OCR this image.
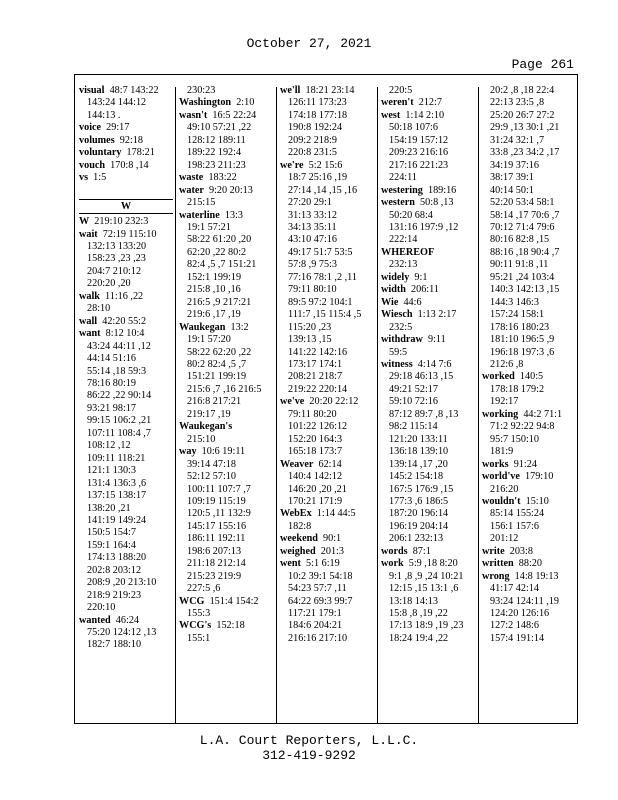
October 27, 2021
Page 261
visual 48:7 143:22
143:24 144:12
144:13 .
voice 29:17
volumes 92:18
voluntary 178:21
vouch 170:8 ,14
vs 1:5

W
W 219:10 232:3
wait 72:19 115:10
132:13 133:20
158:23 ,23 ,23
204:7 210:12
220:20 ,20
walk 11:16 ,22
28:10
wall 42:20 55:2
want 8:12 10:4
43:24 44:11 ,12
44:14 51:16
55:14 ,18 59:3
78:16 80:19
86:22 ,22 90:14
93:21 98:17
99:15 106:2 ,21
107:11 108:4 ,7
108:12 ,12
109:11 118:21
121:1 130:3
131:4 136:3 ,6
137:15 138:17
138:20 ,21
141:19 149:24
150:5 154:7
159:1 164:4
174:13 188:20
202:8 203:12
208:9 ,20 213:10
218:9 219:23
220:10
wanted 46:24
75:20 124:12 ,13
182:7 188:10
230:23
Washington 2:10
wasn't 16:5 22:24
49:10 57:21 ,22
128:12 189:11
189:22 192:4
198:23 211:23
waste 183:22
water 9:20 20:13
215:15
waterline 13:3
19:1 57:21
58:22 61:20 ,20
62:20 ,22 80:2
82:4 ,5 ,7 151:21
152:1 199:19
215:8 ,10 ,16
216:5 ,9 217:21
219:6 ,17 ,19
Waukegan 13:2
19:1 57:20
58:22 62:20 ,22
80:2 82:4 ,5 ,7
151:21 199:19
215:6 ,7 ,16 216:5
216:8 217:21
219:17 ,19
Waukegan's
215:10
way 10:6 19:11
39:14 47:18
52:12 57:10
100:11 107:7 ,7
109:19 115:19
120:5 ,11 132:9
145:17 155:16
186:11 192:11
198:6 207:13
211:18 212:14
215:23 219:9
227:5 ,6
WCG 151:4 154:2
155:3
WCG's 152:18
155:1
we'll 18:21 23:14
126:11 173:23
174:18 177:18
190:8 192:24
209:2 218:9
220:8 231:5
we're 5:2 15:6
18:7 25:16 ,19
27:14 ,14 ,15 ,16
27:20 29:1
31:13 33:12
34:13 35:11
43:10 47:16
49:17 51:7 53:5
57:8 ,9 75:3
77:16 78:1 ,2 ,11
79:11 80:10
89:5 97:2 104:1
111:7 ,15 115:4 ,5
115:20 ,23
139:13 ,15
141:22 142:16
173:17 174:1
208:21 218:7
219:22 220:14
we've 20:20 22:12
79:11 80:20
101:22 126:12
152:20 164:3
165:18 173:7
Weaver 62:14
140:4 142:12
146:20 ,20 ,21
170:21 171:9
WebEx 1:14 44:5
182:8
weekend 90:1
weighed 201:3
went 5:1 6:19
10:2 39:1 54:18
54:23 57:7 ,11
64:22 69:3 99:7
117:21 179:1
184:6 204:21
216:16 217:10
220:5
weren't 212:7
west 1:14 2:10
50:18 107:6
154:19 157:12
209:23 216:16
217:16 221:23
224:11
westering 189:16
western 50:8 ,13
50:20 68:4
131:16 197:9 ,12
222:14
WHEREOF
232:13
widely 9:1
width 206:11
Wie 44:6
Wiesch 1:13 2:17
232:5
withdraw 9:11
59:5
witness 4:14 7:6
29:18 46:13 ,15
49:21 52:17
59:10 72:16
87:12 89:7 ,8 ,13
98:2 115:14
121:20 133:11
136:18 139:10
139:14 ,17 ,20
145:2 154:18
167:5 176:9 ,15
177:3 ,6 186:5
187:20 196:14
196:19 204:14
206:1 232:13
words 87:1
work 5:9 ,18 8:20
9:1 ,8 ,9 ,24 10:21
12:15 ,15 13:1 ,6
13:18 14:13
15:8 ,8 ,19 ,22
17:13 18:9 ,19 ,23
18:24 19:4 ,22
20:2 ,8 ,18 22:4
22:13 23:5 ,8
25:20 26:7 27:2
29:9 ,13 30:1 ,21
31:24 32:1 ,7
33:8 ,23 34:2 ,17
34:19 37:16
38:17 39:1
40:14 50:1
52:20 53:4 58:1
58:14 ,17 70:6 ,7
70:12 71:4 79:6
80:16 82:8 ,15
88:16 ,18 90:4 ,7
90:11 91:8 ,11
95:21 ,24 103:4
140:3 142:13 ,15
144:3 146:3
157:24 158:1
178:16 180:23
181:10 196:5 ,9
196:18 197:3 ,6
212:6 ,8
worked 140:5
178:18 179:2
192:17
working 44:2 71:1
71:2 92:22 94:8
95:7 150:10
181:9
works 91:24
world've 179:10
216:20
wouldn't 15:10
85:14 155:24
156:1 157:6
201:12
write 203:8
written 88:20
wrong 14:8 19:13
41:17 42:14
93:24 124:11 ,19
124:20 126:16
127:2 148:6
157:4 191:14
L.A. Court Reporters, L.L.C.
312-419-9292
